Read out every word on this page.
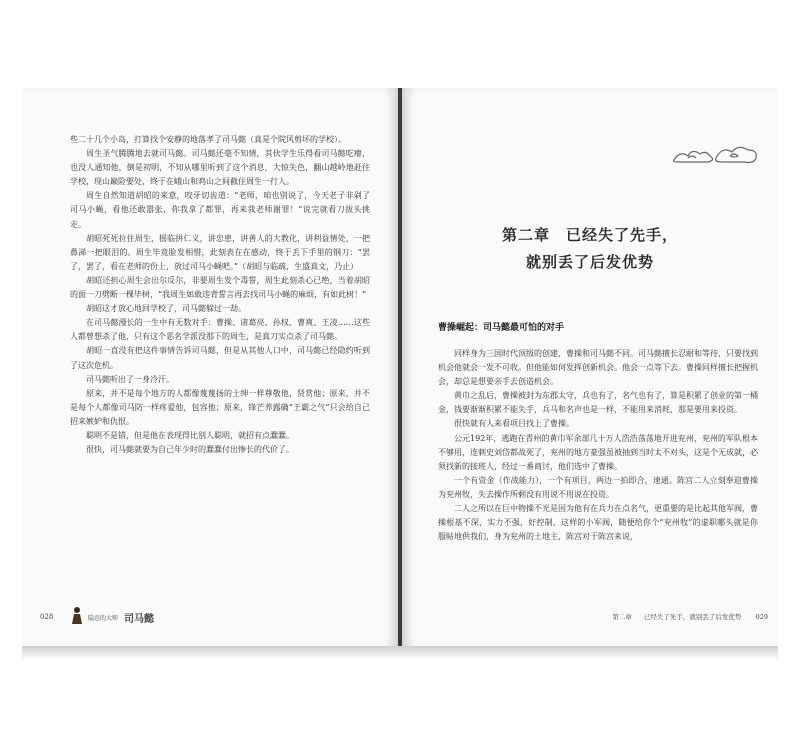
些二十几个小岛，打算找个安静的地落孝了司马懿（真是个院风剪坏的学校）。

周生圣气腾腾地去就司马懿。司马懿还毫不知情，其伙学生乐得看司马懿吃瘪，也没人通知他，倒是初明，不知从哪里听到了这个消息，大惊失色，翻山越岭地赶往学校，现山巅险要处，终于在峨山和鸡山之间截住周生一行人。

周生自然知道胡昭的来意，咬牙切齿道：“老师，咱也别说了，今天老子非剁了司马小蝇，看他还敢嚣张，你我拿了都罪，再来我老师谢罪！”说完就看刀拔头挑走。

胡昭死死拉住周生，摇临拼仁义，讲忠患，讲善人的大教化，讲利益情处，一把鼻涕一把眼泪的。周生毕竟脸发相惜，此刻表在在感动，终于丢下手里的钢刀：“罢了，罢了，看在老师的份上，放过司马小蝇吧。”（胡昭与临疏，生盛真文，乃止）

胡昭还担心周生会出尔反尔，非要周生发个毒誓，周生此刻杀心已绝，当着胡昭的面一刀劈断一棵毕树，“我周生如敢违背誓言再去找司马小蝇的麻烦，有如此树！”

胡昭这才放心地回学校了，司马懿躲过一劫。

在司马懿漫长的一生中有无数对手：曹操、诸葛亮、孙权、曹爽、王凌……这些人都曾想杀了他，只有这个恶名学派没那下的周生，是真刀实点杀了司马懿。

胡昭一直没有把这件事情告诉司马懿，但是从其他人口中，司马懿已经隐约听到了这次危机。

司马懿听出了一身冷汗。

原来，并不是每个地方的人都像蔑蔑扬的士绅一样尊敬他，贤赏他；原来，并不是每个人都像司马防一样疼爱他，包容他；原来，锋芒养露确“王霸之气”只会给自己招来嫉妒和仇恨。

聪明不是错，但是他在表现得比别人聪明，就招有点蠢蠢。

很快，司马懿就要为自己年少时的蠢蠢付出惨长的代价了。

028	隐忍的大师 司马懿
第二章　已经失了先手，
就别丢了后发优势
曹操崛起：司马懿最可怕的对手

同样身为三国时代顶级的创建，曹操和司马懿不同。司马懿擅长忍耐和等待，只要找到机会他就会一发不可收。但他能如何发挥创新机会。他会一点等下去。曹操同样擅长把握机会，却总是想要亲手去创造机会。

黄巾之乱后，曹操被封为东郡太守，兵也有了，名气也有了，算是积累了创业的第一桶金，钱要渐渐积累不能失手，兵马和名声也是一样，不能用来消耗，那是要用来投资。

很快就有人来看项目找上了曹操。

公元192年，逃跑在青州的黄巾军余部几十万人浩浩荡荡地开进兖州，兖州的军队根本不够用，连刺史刘岱都战死了，兖州的地方豪强虽被抽到当时太不对头，这是个无成就，必须找新的接班人，经过一番商讨，他们选中了曹操。

一个有资金（作战能力），一个有项目，两边一拍即合，速通。陈宫二人立刻奉迎曹操为兖州牧，失去操作所剩没有用说不用说在投资。

二人之所以在巨中物操不光是因为他有在兵力在点名气，更重要的是比起其他军阀，曹操根基不深，实力不强，好控制，这样的小军阀，随便给你个“兖州牧”的虚职哪头就是你服帖地供我们，身为兖州的土地主，陈宫对于陈宫来说，

第二章 已经失了先手，就别丢了后发优势 029
